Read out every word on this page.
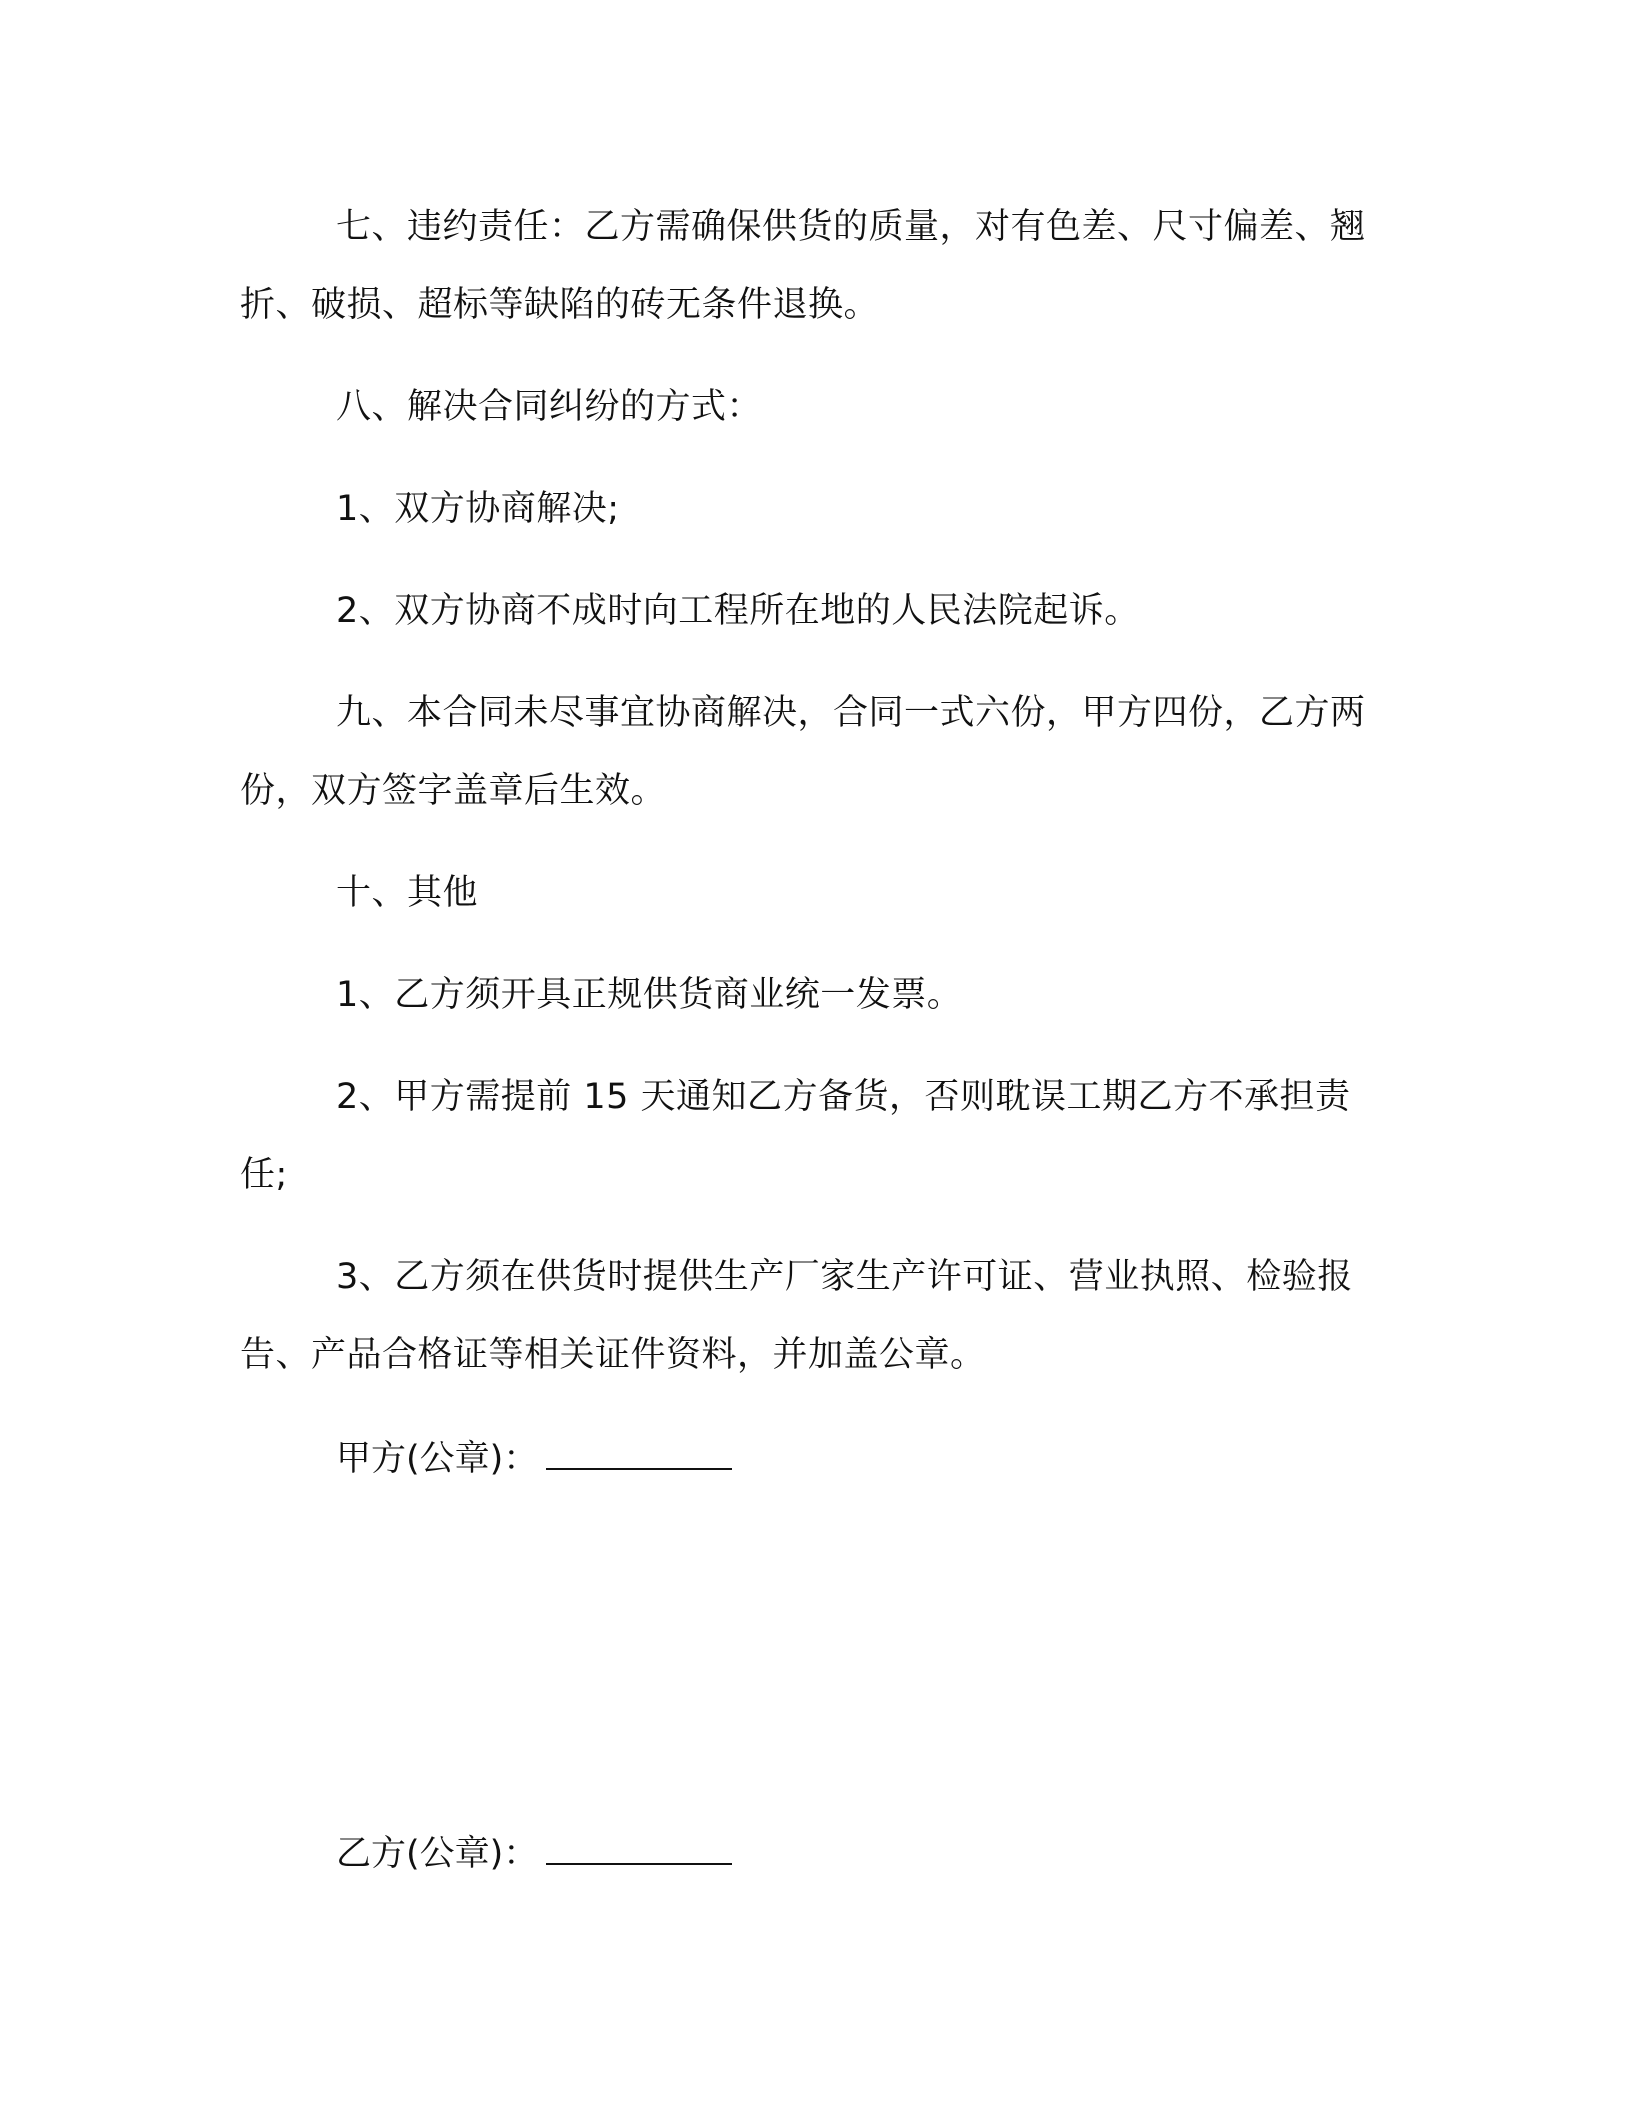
七、违约责任：乙方需确保供货的质量，对有色差、尺寸偏差、翘折、破损、超标等缺陷的砖无条件退换。

八、解决合同纠纷的方式：

1、双方协商解决;

2、双方协商不成时向工程所在地的人民法院起诉。

九、本合同未尽事宜协商解决，合同一式六份，甲方四份，乙方两份，双方签字盖章后生效。

十、其他

1、乙方须开具正规供货商业统一发票。

2、甲方需提前 15 天通知乙方备货，否则耽误工期乙方不承担责任;

3、乙方须在供货时提供生产厂家生产许可证、营业执照、检验报告、产品合格证等相关证件资料，并加盖公章。

甲方(公章)：
乙方(公章)：
